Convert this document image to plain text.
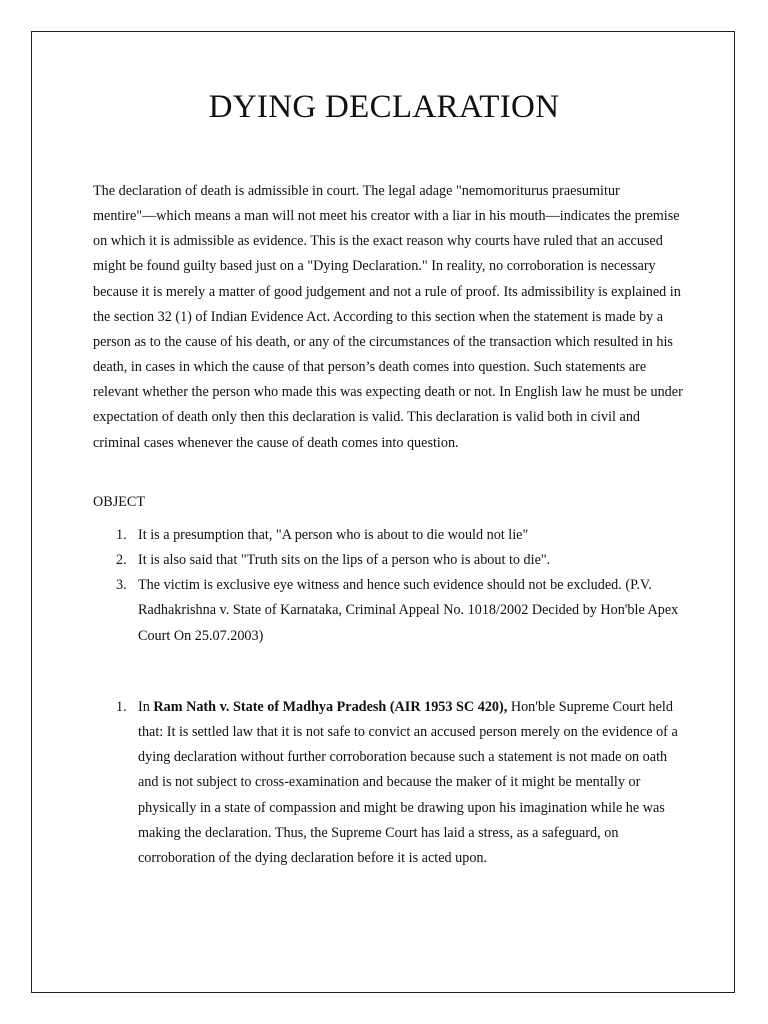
DYING DECLARATION

The declaration of death is admissible in court. The legal adage "nemomoriturus praesumitur mentire"—which means a man will not meet his creator with a liar in his mouth—indicates the premise on which it is admissible as evidence. This is the exact reason why courts have ruled that an accused might be found guilty based just on a "Dying Declaration." In reality, no corroboration is necessary because it is merely a matter of good judgement and not a rule of proof. Its admissibility is explained in the section 32 (1) of Indian Evidence Act. According to this section when the statement is made by a person as to the cause of his death, or any of the circumstances of the transaction which resulted in his death, in cases in which the cause of that person’s death comes into question. Such statements are relevant whether the person who made this was expecting death or not. In English law he must be under expectation of death only then this declaration is valid. This declaration is valid both in civil and criminal cases whenever the cause of death comes into question.

OBJECT

1. It is a presumption that, "A person who is about to die would not lie"
2. It is also said that "Truth sits on the lips of a person who is about to die".
3. The victim is exclusive eye witness and hence such evidence should not be excluded. (P.V. Radhakrishna v. State of Karnataka, Criminal Appeal No. 1018/2002 Decided by Hon'ble Apex Court On 25.07.2003)
1. In Ram Nath v. State of Madhya Pradesh (AIR 1953 SC 420), Hon'ble Supreme Court held that: It is settled law that it is not safe to convict an accused person merely on the evidence of a dying declaration without further corroboration because such a statement is not made on oath and is not subject to cross-examination and because the maker of it might be mentally or physically in a state of compassion and might be drawing upon his imagination while he was making the declaration. Thus, the Supreme Court has laid a stress, as a safeguard, on corroboration of the dying declaration before it is acted upon.
